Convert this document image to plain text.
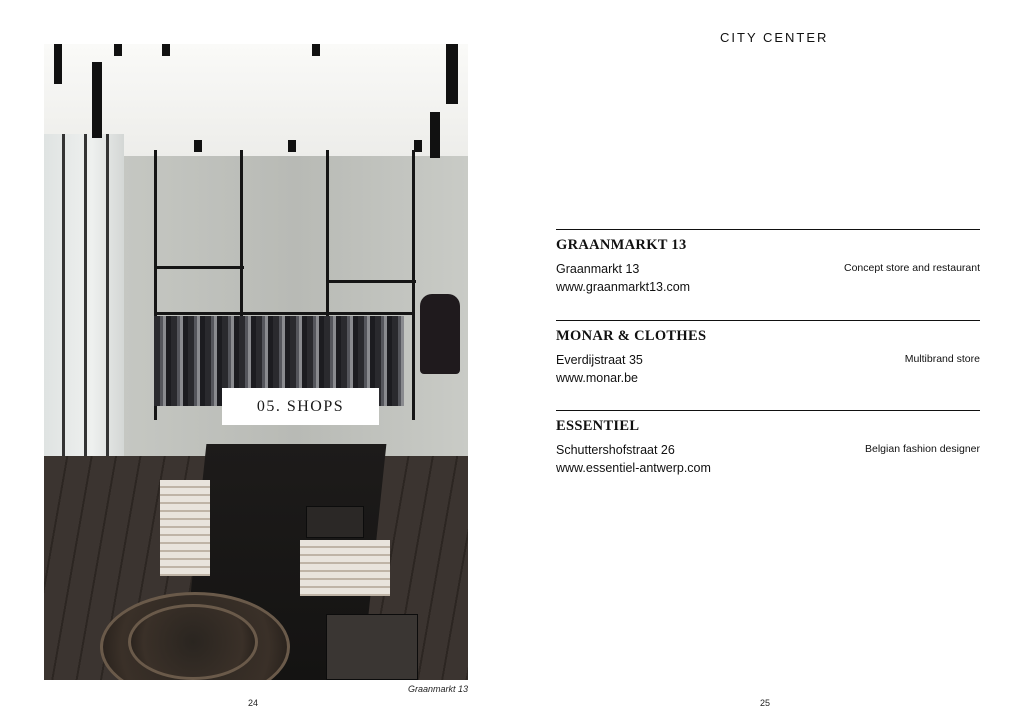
05. SHOPS
Graanmarkt 13
24
CITY CENTER
GRAANMARKT 13
Graanmarkt 13
www.graanmarkt13.com
Concept store and restaurant
MONAR & CLOTHES
Everdijstraat 35
www.monar.be
Multibrand store
ESSENTIEL
Schuttershofstraat 26
www.essentiel-antwerp.com
Belgian fashion designer
25
